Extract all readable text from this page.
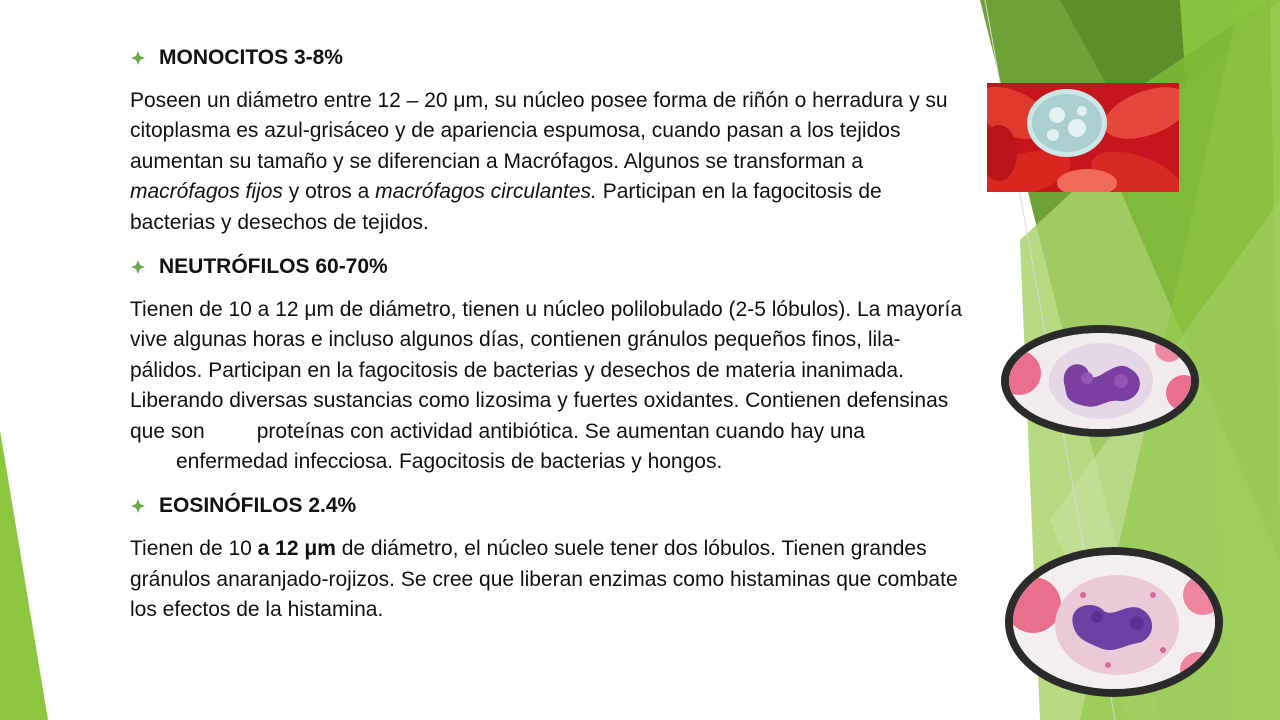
MONOCITOS 3-8%

Poseen un diámetro entre 12 – 20 μm, su núcleo posee forma de riñón o herradura y su citoplasma es azul-grisáceo y de apariencia espumosa, cuando pasan a los tejidos aumentan su tamaño y se diferencian a Macrófagos. Algunos se transforman a macrófagos fijos y otros a macrófagos circulantes. Participan en la fagocitosis de bacterias y desechos de tejidos.

NEUTRÓFILOS 60-70%

Tienen de 10 a 12 μm de diámetro, tienen u núcleo polilobulado (2-5 lóbulos). La mayoría vive algunas horas e incluso algunos días, contienen gránulos pequeños finos, lila-pálidos. Participan en la fagocitosis de bacterias y desechos de materia inanimada. Liberando diversas sustancias como lizosima y fuertes oxidantes. Contienen defensinas que son proteínas con actividad antibiótica. Se aumentan cuando hay una
enfermedad infecciosa. Fagocitosis de bacterias y hongos.

EOSINÓFILOS 2.4%

Tienen de 10 a 12 μm de diámetro, el núcleo suele tener dos lóbulos. Tienen grandes gránulos anaranjado-rojizos. Se cree que liberan enzimas como histaminas que combate los efectos de la histamina.
